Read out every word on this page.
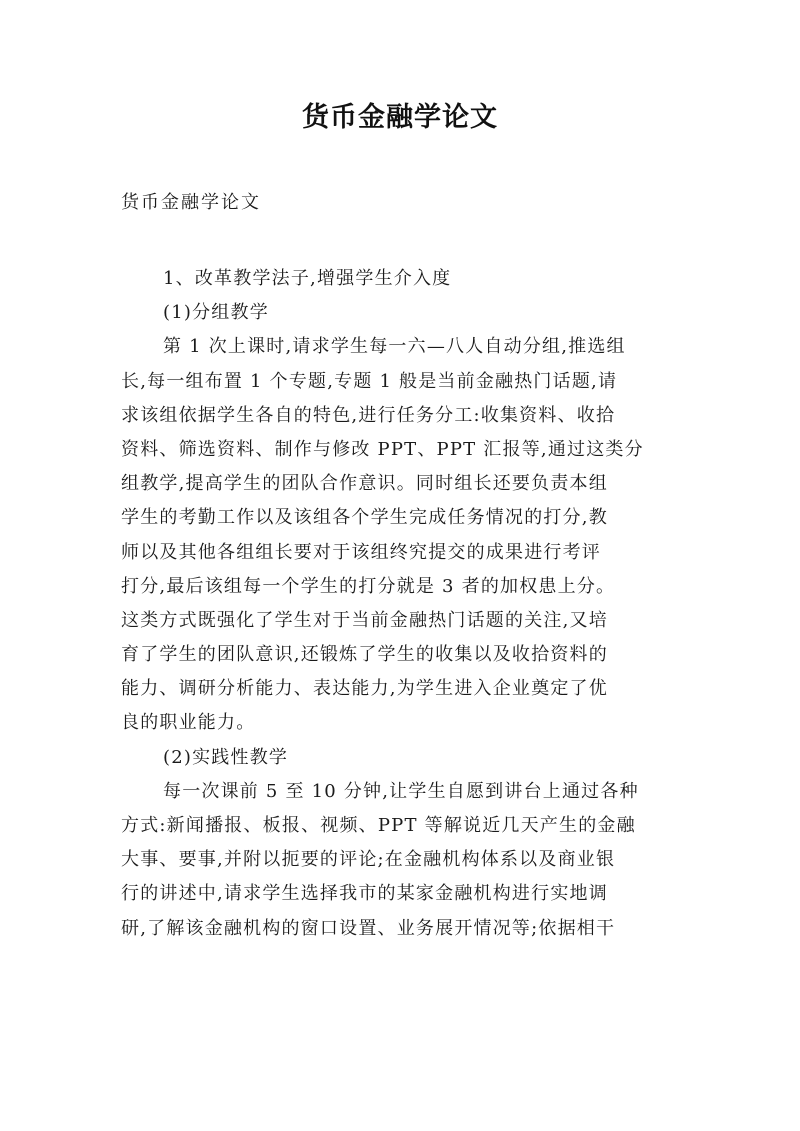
货币金融学论文
货币金融学论文
1、改革教学法子,增强学生介入度
(1)分组教学
第 1 次上课时,请求学生每一六—八人自动分组,推选组
长,每一组布置 1 个专题,专题 1 般是当前金融热门话题,请
求该组依据学生各自的特色,进行任务分工:收集资料、收拾
资料、筛选资料、制作与修改 PPT、PPT 汇报等,通过这类分
组教学,提高学生的团队合作意识。同时组长还要负责本组
学生的考勤工作以及该组各个学生完成任务情况的打分,教
师以及其他各组组长要对于该组终究提交的成果进行考评
打分,最后该组每一个学生的打分就是 3 者的加权患上分。
这类方式既强化了学生对于当前金融热门话题的关注,又培
育了学生的团队意识,还锻炼了学生的收集以及收拾资料的
能力、调研分析能力、表达能力,为学生进入企业奠定了优
良的职业能力。
(2)实践性教学
每一次课前 5 至 10 分钟,让学生自愿到讲台上通过各种
方式:新闻播报、板报、视频、PPT 等解说近几天产生的金融
大事、要事,并附以扼要的评论;在金融机构体系以及商业银
行的讲述中,请求学生选择我市的某家金融机构进行实地调
研,了解该金融机构的窗口设置、业务展开情况等;依据相干
